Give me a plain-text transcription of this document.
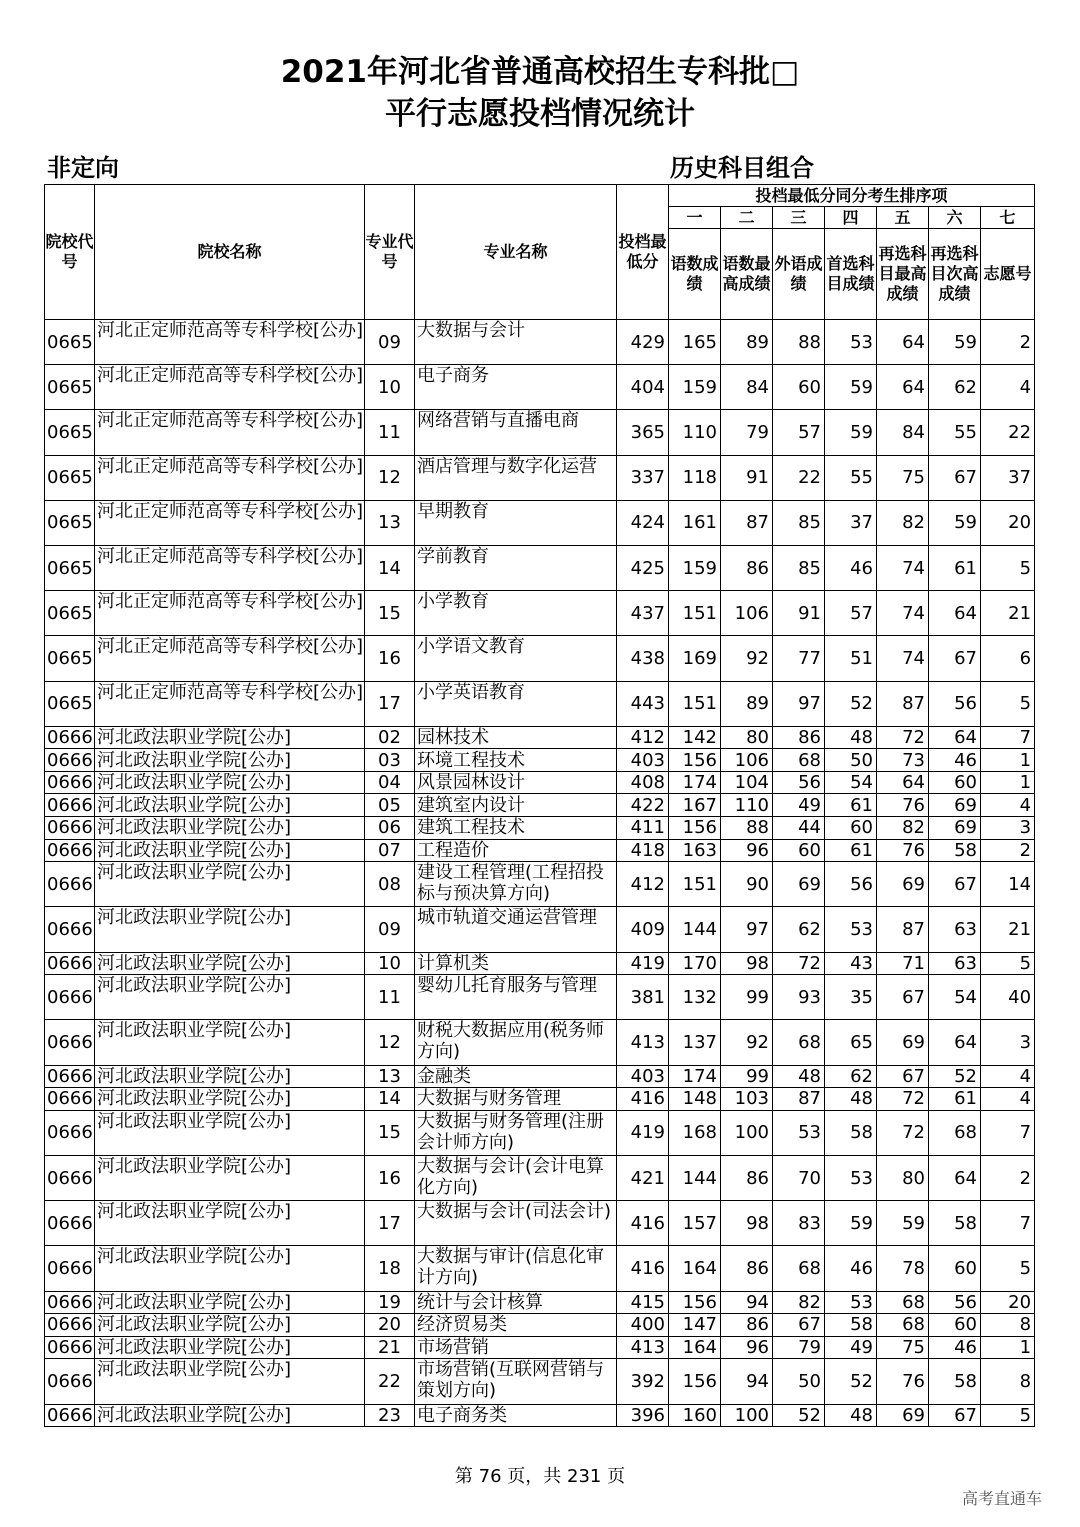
2021年河北省普通高校招生专科批□
平行志愿投档情况统计
非定向	历史科目组合
院校代号	院校名称	专业代号	专业名称	投档最低分	投档最低分同分考生排序项						
					一	二	三	四	五	六	七
					语数成绩	语数最高成绩	外语成绩	首选科目成绩	再选科目最高成绩	再选科目次高成绩	志愿号
0665	河北正定师范高等专科学校[公办]	09	大数据与会计	429	165	89	88	53	64	59	2
0665	河北正定师范高等专科学校[公办]	10	电子商务	404	159	84	60	59	64	62	4
0665	河北正定师范高等专科学校[公办]	11	网络营销与直播电商	365	110	79	57	59	84	55	22
0665	河北正定师范高等专科学校[公办]	12	酒店管理与数字化运营	337	118	91	22	55	75	67	37
0665	河北正定师范高等专科学校[公办]	13	早期教育	424	161	87	85	37	82	59	20
0665	河北正定师范高等专科学校[公办]	14	学前教育	425	159	86	85	46	74	61	5
0665	河北正定师范高等专科学校[公办]	15	小学教育	437	151	106	91	57	74	64	21
0665	河北正定师范高等专科学校[公办]	16	小学语文教育	438	169	92	77	51	74	67	6
0665	河北正定师范高等专科学校[公办]	17	小学英语教育	443	151	89	97	52	87	56	5
0666	河北政法职业学院[公办]	02	园林技术	412	142	80	86	48	72	64	7
0666	河北政法职业学院[公办]	03	环境工程技术	403	156	106	68	50	73	46	1
0666	河北政法职业学院[公办]	04	风景园林设计	408	174	104	56	54	64	60	1
0666	河北政法职业学院[公办]	05	建筑室内设计	422	167	110	49	61	76	69	4
0666	河北政法职业学院[公办]	06	建筑工程技术	411	156	88	44	60	82	69	3
0666	河北政法职业学院[公办]	07	工程造价	418	163	96	60	61	76	58	2
0666	河北政法职业学院[公办]	08	建设工程管理(工程招投标与预决算方向)	412	151	90	69	56	69	67	14
0666	河北政法职业学院[公办]	09	城市轨道交通运营管理	409	144	97	62	53	87	63	21
0666	河北政法职业学院[公办]	10	计算机类	419	170	98	72	43	71	63	5
0666	河北政法职业学院[公办]	11	婴幼儿托育服务与管理	381	132	99	93	35	67	54	40
0666	河北政法职业学院[公办]	12	财税大数据应用(税务师方向)	413	137	92	68	65	69	64	3
0666	河北政法职业学院[公办]	13	金融类	403	174	99	48	62	67	52	4
0666	河北政法职业学院[公办]	14	大数据与财务管理	416	148	103	87	48	72	61	4
0666	河北政法职业学院[公办]	15	大数据与财务管理(注册会计师方向)	419	168	100	53	58	72	68	7
0666	河北政法职业学院[公办]	16	大数据与会计(会计电算化方向)	421	144	86	70	53	80	64	2
0666	河北政法职业学院[公办]	17	大数据与会计(司法会计)	416	157	98	83	59	59	58	7
0666	河北政法职业学院[公办]	18	大数据与审计(信息化审计方向)	416	164	86	68	46	78	60	5
0666	河北政法职业学院[公办]	19	统计与会计核算	415	156	94	82	53	68	56	20
0666	河北政法职业学院[公办]	20	经济贸易类	400	147	86	67	58	68	60	8
0666	河北政法职业学院[公办]	21	市场营销	413	164	96	79	49	75	46	1
0666	河北政法职业学院[公办]	22	市场营销(互联网营销与策划方向)	392	156	94	50	52	76	58	8
0666	河北政法职业学院[公办]	23	电子商务类	396	160	100	52	48	69	67	5
第 76 页，共 231 页
高考直通车
